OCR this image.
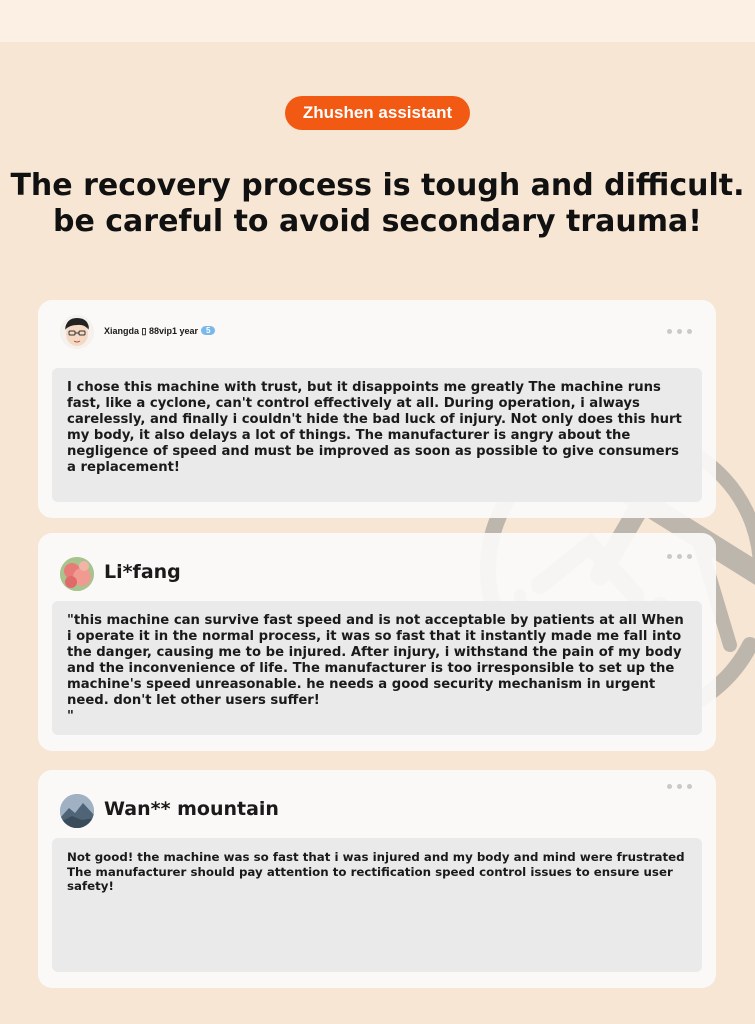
Zhushen assistant
The recovery process is tough and difficult.
be careful to avoid secondary trauma!
Xiangda ▯ 88vip1 year 5
I chose this machine with trust, but it disappoints me greatly The machine runs fast, like a cyclone, can't control effectively at all. During operation, i always carelessly, and finally i couldn't hide the bad luck of injury. Not only does this hurt my body, it also delays a lot of things. The manufacturer is angry about the negligence of speed and must be improved as soon as possible to give consumers a replacement!
Li*fang
"this machine can survive fast speed and is not acceptable by patients at all When i operate it in the normal process, it was so fast that it instantly made me fall into the danger, causing me to be injured. After injury, i withstand the pain of my body and the inconvenience of life. The manufacturer is too irresponsible to set up the machine's speed unreasonable. he needs a good security mechanism in urgent need. don't let other users suffer!
"
Wan** mountain
Not good! the machine was so fast that i was injured and my body and mind were frustrated The manufacturer should pay attention to rectification speed control issues to ensure user safety!
